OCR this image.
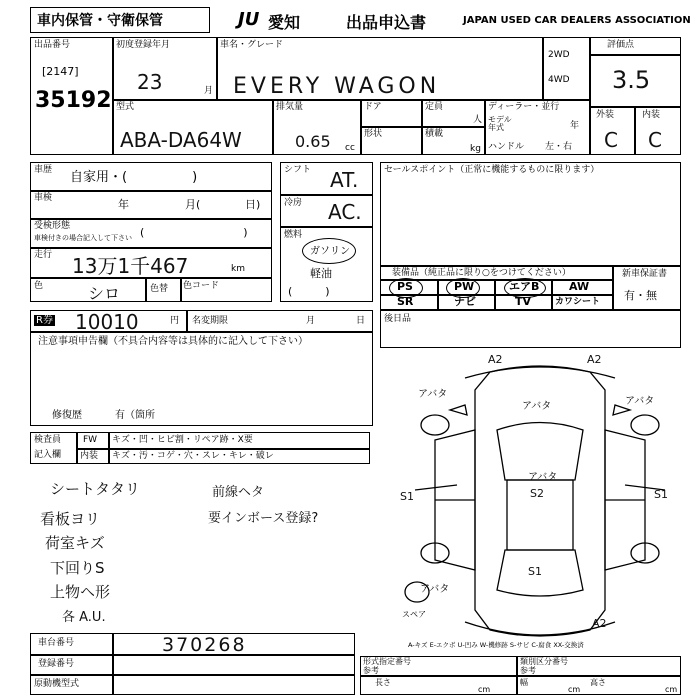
車内保管・守衛保管	JU 愛知	出品申込書	JAPAN USED CAR DEALERS ASSOCIATION
出品番号
[2147]
35192
初度登録年月
23	月
車名・グレード
EVERY WAGON
2WD
4WD
評価点
3.5
外装	内装
C C
型式
ABA-DA64W
排気量
0.65 cc
ドア
形状
定員
人
積載
kg
ディーラー・並行
モデル
年式	年
ハンドル 左・右
車歴 自家用・(　　　　　)
車検	年	月(	日)
受検形態
車検付きの場合記入して下さい (　　　　　　　　　)
走行 13万1千467	km
色	シロ	色替 色コード
シフト AT.
冷房 AC.
燃料
ガソリン
軽油
(　　　)
セールスポイント（正常に機能するものに限ります）
装備品（純正品に限り○をつけてください）
PS	PW	エアB	AW
SR	ナビ	TV	カワシート
新車保証書
有・無
R券 10010	円 名変期限	月	日 後日品
注意事項申告欄（不具合内容等は具体的に記入して下さい）
修復歴	有（箇所
検査員
記入欄
FW キズ・凹・ヒビ割・リペア跡・X要
内装 キズ・汚・コゲ・穴・スレ・キレ・破レ
シートタタリ
看板ヨリ
荷室キズ
下回りS
上物ヘ形
各 A.U.
前線ヘタ
要インボース登録?
車台番号	370268
登録番号
原動機型式
形式指定番号
参考
類別区分番号
参考
長さ
cm
幅
cm
高さ
cm
A2	A2
アバタ
アバタ	アバタ
アバタ
アバタ
S2
S1	S1
S1
A2
スペア
A-キズ E-エクボ U-凹み W-機修跡 S-サビ C-腐食 XX-交換済
